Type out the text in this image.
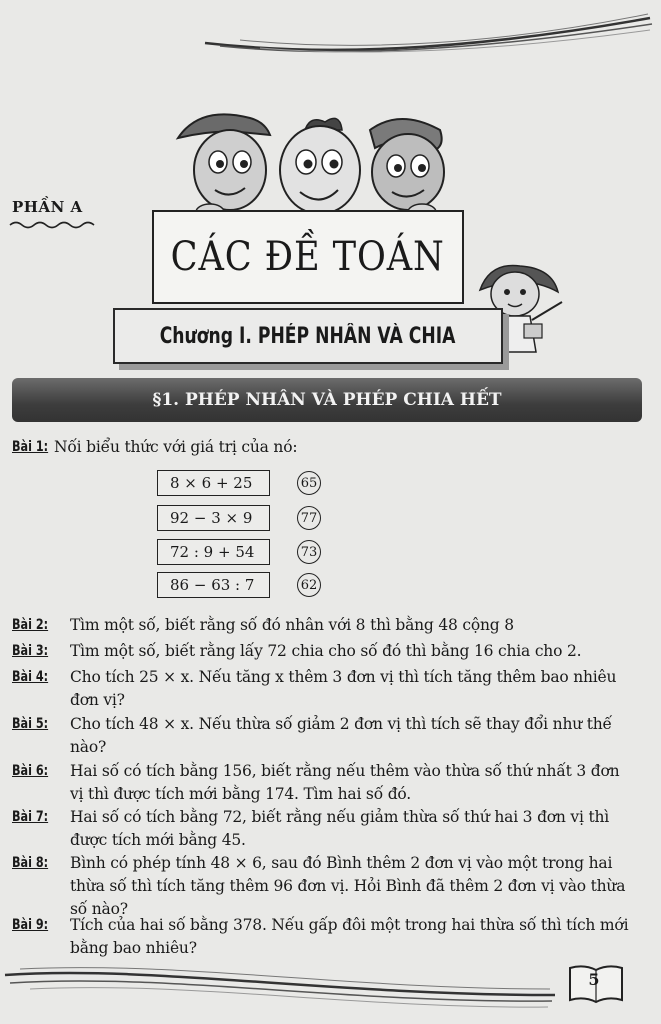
PHẦN A
CÁC ĐỀ TOÁN
Chương I. PHÉP NHÂN VÀ CHIA
§1. PHÉP NHÂN VÀ PHÉP CHIA HẾT
Bài 1: Nối biểu thức với giá trị của nó:
8 × 6 + 25
92 − 3 × 9
72 : 9 + 54
86 − 63 : 7
65
77
73
62
Bài 2: Tìm một số, biết rằng số đó nhân với 8 thì bằng 48 cộng 8
Bài 3: Tìm một số, biết rằng lấy 72 chia cho số đó thì bằng 16 chia cho 2.
Bài 4: Cho tích 25 × x. Nếu tăng x thêm 3 đơn vị thì tích tăng thêm bao nhiêu đơn vị?
Bài 5: Cho tích 48 × x. Nếu thừa số giảm 2 đơn vị thì tích sẽ thay đổi như thế nào?
Bài 6: Hai số có tích bằng 156, biết rằng nếu thêm vào thừa số thứ nhất 3 đơn vị thì được tích mới bằng 174. Tìm hai số đó.
Bài 7: Hai số có tích bằng 72, biết rằng nếu giảm thừa số thứ hai 3 đơn vị thì được tích mới bằng 45.
Bài 8: Bình có phép tính 48 × 6, sau đó Bình thêm 2 đơn vị vào một trong hai thừa số thì tích tăng thêm 96 đơn vị. Hỏi Bình đã thêm 2 đơn vị vào thừa số nào?
Bài 9: Tích của hai số bằng 378. Nếu gấp đôi một trong hai thừa số thì tích mới bằng bao nhiêu?
5
